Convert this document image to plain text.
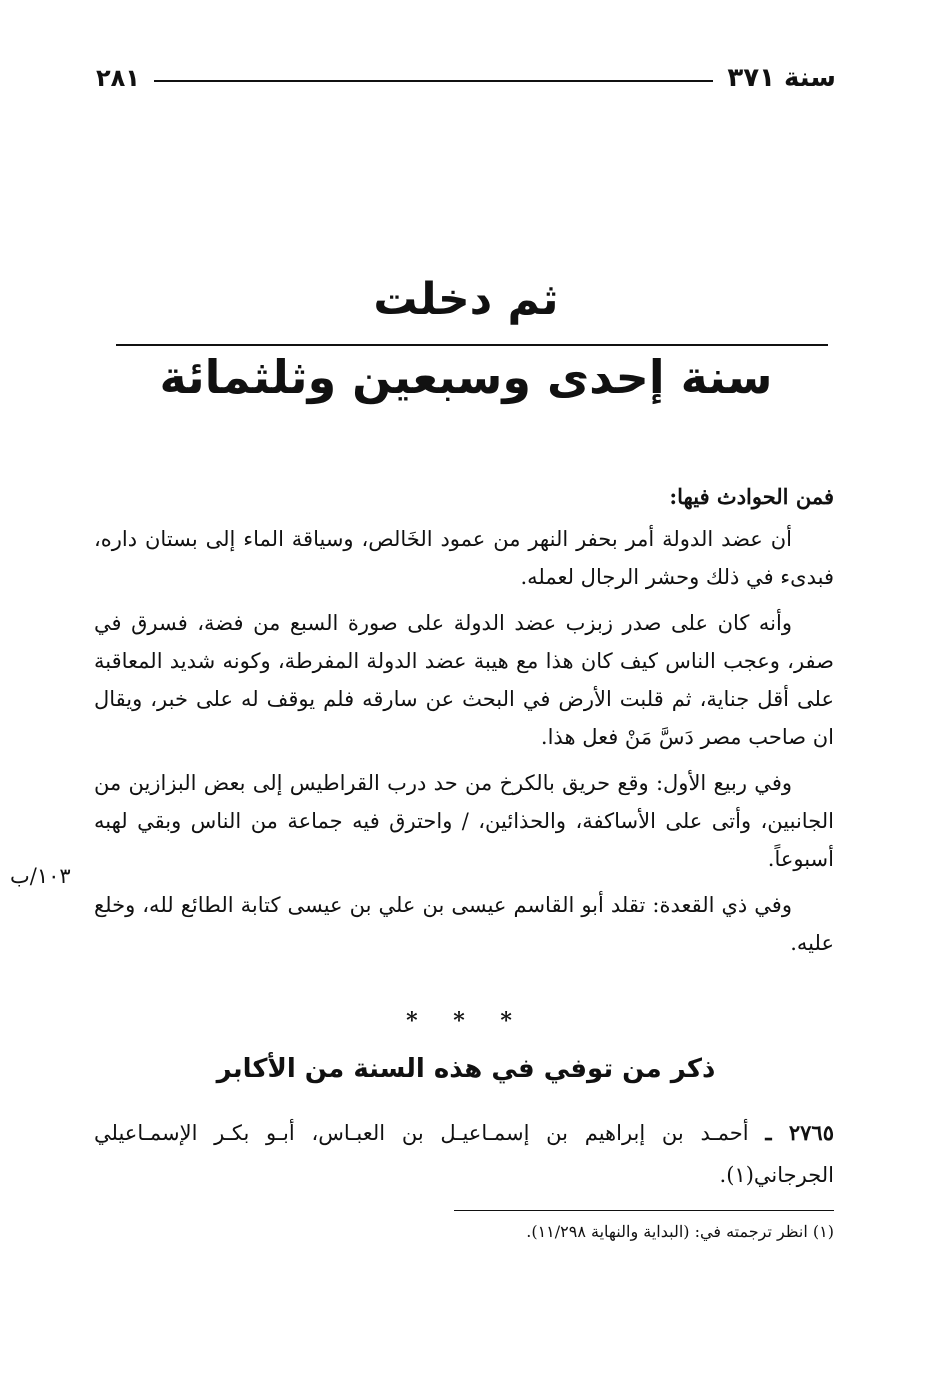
سنة ٣٧١
٢٨١
ثم دخلت
سنة إحدى وسبعين وثلثمائة

فمن الحوادث فيها:

أن عضد الدولة أمر بحفر النهر من عمود الخَالص، وسياقة الماء إلى بستان داره، فبدىء في ذلك وحشر الرجال لعمله.

وأنه كان على صدر زبزب عضد الدولة على صورة السبع من فضة، فسرق في صفر، وعجب الناس كيف كان هذا مع هيبة عضد الدولة المفرطة، وكونه شديد المعاقبة على أقل جناية، ثم قلبت الأرض في البحث عن سارقه فلم يوقف له على خبر، ويقال ان صاحب مصر دَسَّ مَنْ فعل هذا.

وفي ربيع الأول: وقع حريق بالكرخ من حد درب القراطيس إلى بعض البزازين من الجانبين، وأتى على الأساكفة، والحذائين، / واحترق فيه جماعة من الناس وبقي لهبه أسبوعاً.

وفي ذي القعدة: تقلد أبو القاسم عيسى بن علي بن عيسى كتابة الطائع لله، وخلع عليه.

١٠٣/ب
* * *
ذكر من توفي في هذه السنة من الأكابر

٢٧٦٥ ـ أحمـد بن إبراهيم بن إسمـاعيـل بن العبـاس، أبـو بكـر الإسمـاعيلي الجرجاني(١).

(١) انظر ترجمته في: (البداية والنهاية ١١/٢٩٨).
